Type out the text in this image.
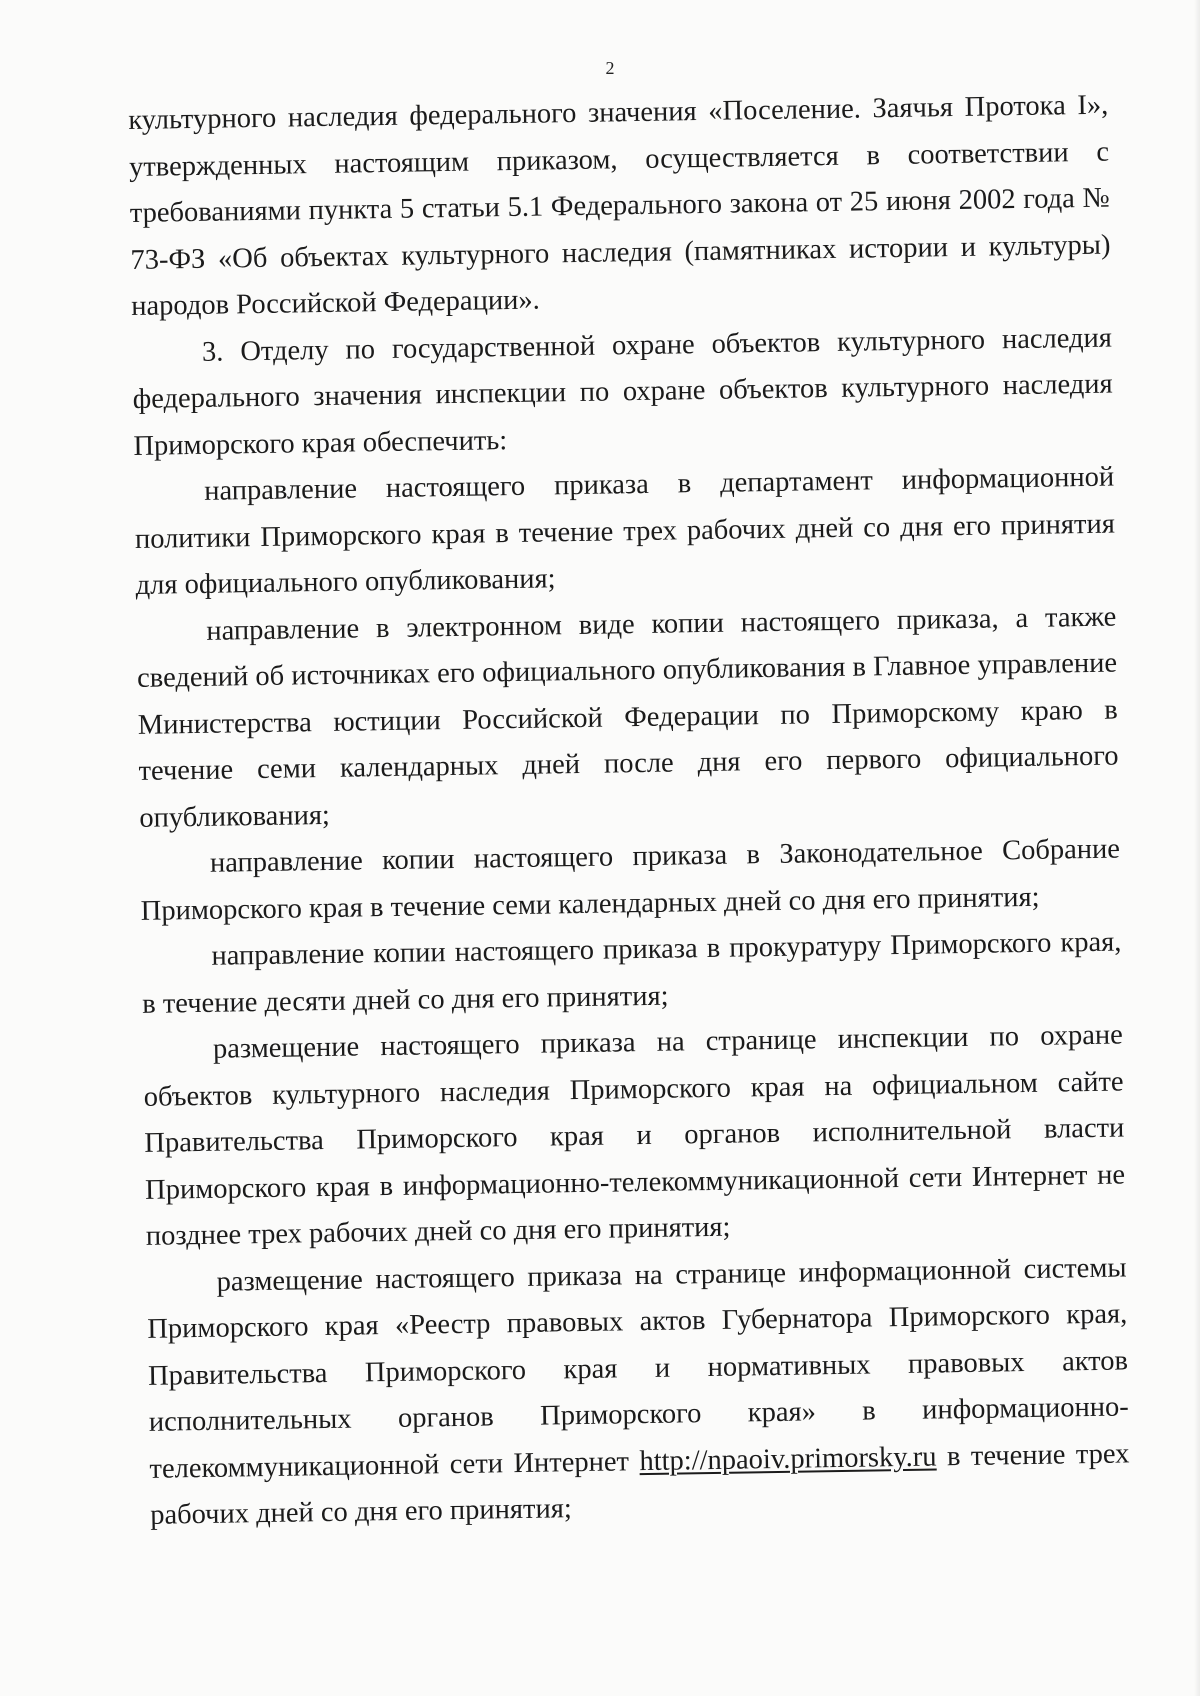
2

культурного наследия федерального значения «Поселение. Заячья Протока I», утвержденных настоящим приказом, осуществляется в соответствии с требованиями пункта 5 статьи 5.1 Федерального закона от 25 июня 2002 года № 73-ФЗ «Об объектах культурного наследия (памятниках истории и культуры) народов Российской Федерации».

3. Отделу по государственной охране объектов культурного наследия федерального значения инспекции по охране объектов культурного наследия Приморского края обеспечить:

направление настоящего приказа в департамент информационной политики Приморского края в течение трех рабочих дней со дня его принятия для официального опубликования;

направление в электронном виде копии настоящего приказа, а также сведений об источниках его официального опубликования в Главное управление Министерства юстиции Российской Федерации по Приморскому краю в течение семи календарных дней после дня его первого официального опубликования;

направление копии настоящего приказа в Законодательное Собрание Приморского края в течение семи календарных дней со дня его принятия;

направление копии настоящего приказа в прокуратуру Приморского края, в течение десяти дней со дня его принятия;

размещение настоящего приказа на странице инспекции по охране объектов культурного наследия Приморского края на официальном сайте Правительства Приморского края и органов исполнительной власти Приморского края в информационно-телекоммуникационной сети Интернет не позднее трех рабочих дней со дня его принятия;

размещение настоящего приказа на странице информационной системы Приморского края «Реестр правовых актов Губернатора Приморского края, Правительства Приморского края и нормативных правовых актов исполнительных органов Приморского края» в информационно-телекоммуникационной сети Интернет http://npaoiv.primorsky.ru в течение трех рабочих дней со дня его принятия;
